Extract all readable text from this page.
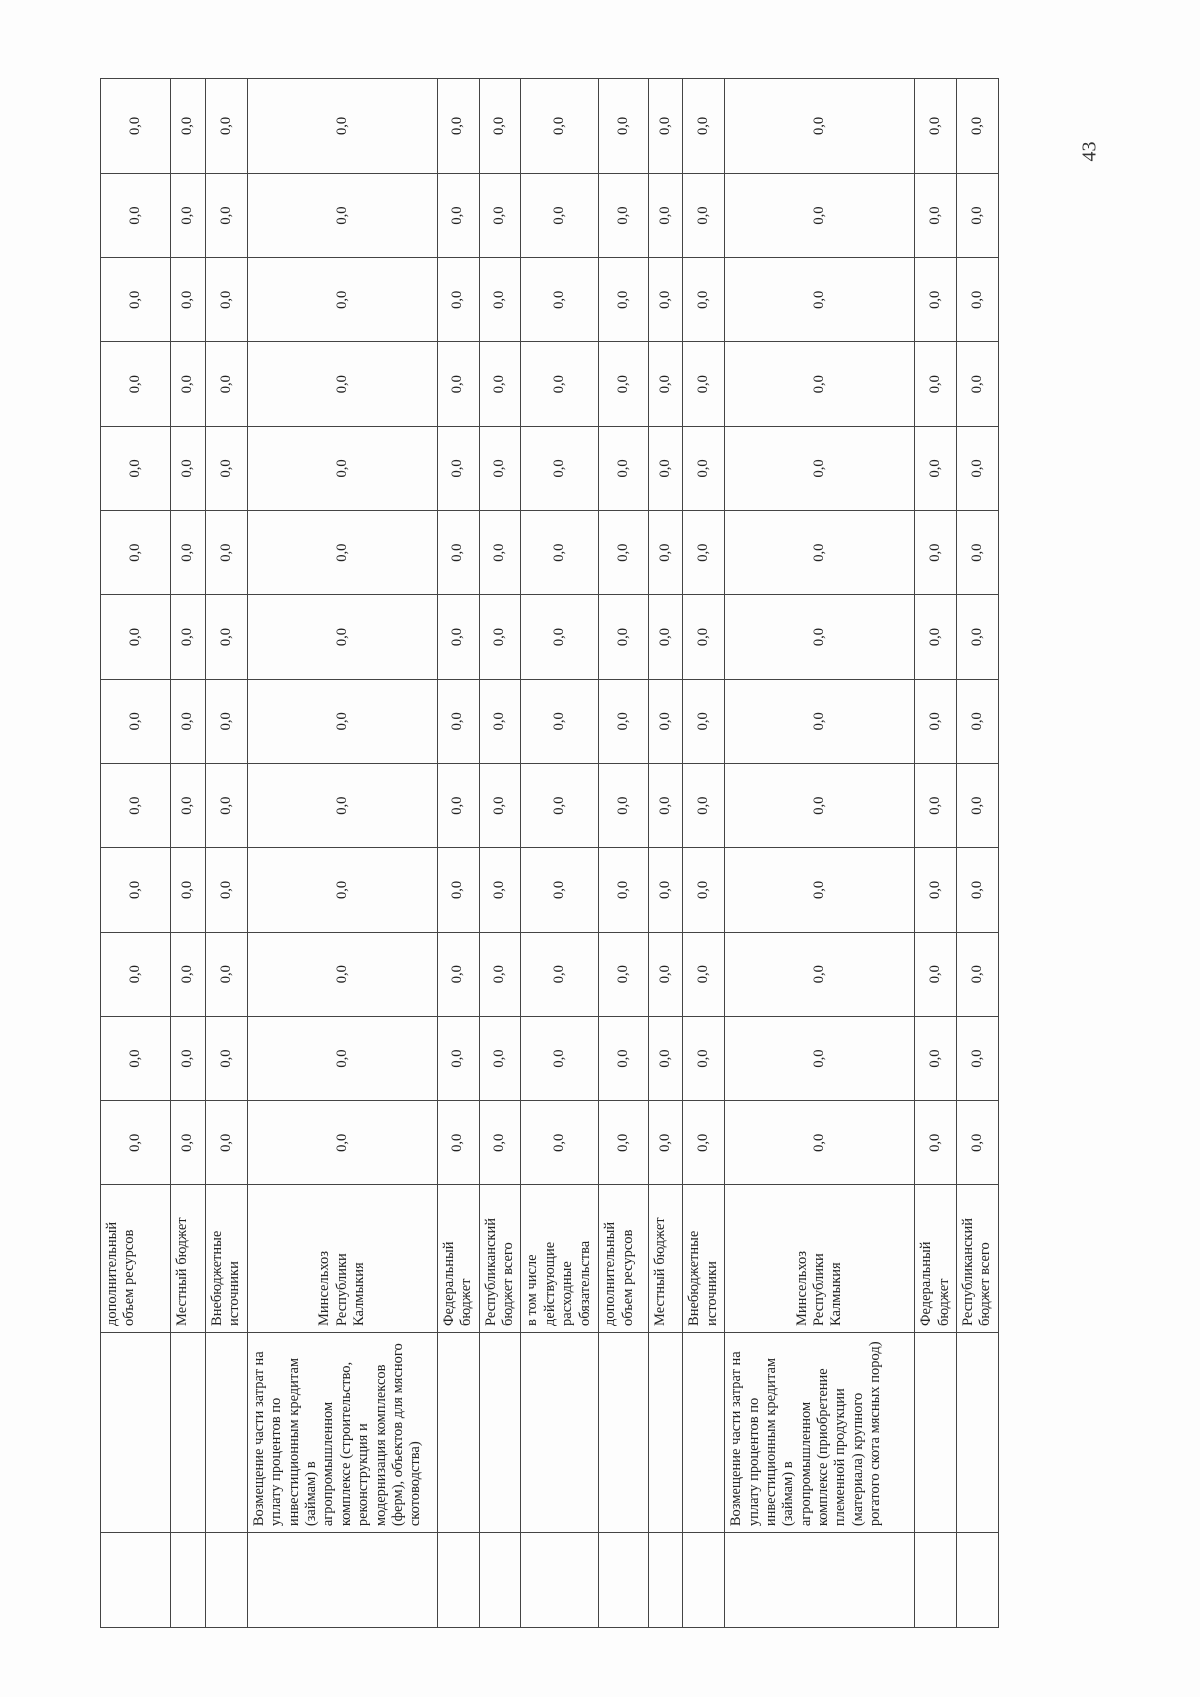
		дополнительный объем ресурсов	0,0	0,0	0,0	0,0	0,0	0,0	0,0	0,0	0,0	0,0	0,0	0,0	0,0
		Местный бюджет	0,0	0,0	0,0	0,0	0,0	0,0	0,0	0,0	0,0	0,0	0,0	0,0	0,0
		Внебюджетные источники	0,0	0,0	0,0	0,0	0,0	0,0	0,0	0,0	0,0	0,0	0,0	0,0	0,0
	Возмещение части затрат на уплату процентов по инвестиционным кредитам (займам) в агропромышленном комплексе (строительство, реконструкция и модернизация комплексов (ферм), объектов для мясного скотоводства)	Минсельхоз Республики Калмыкия	0,0	0,0	0,0	0,0	0,0	0,0	0,0	0,0	0,0	0,0	0,0	0,0	0,0
		Федеральный бюджет	0,0	0,0	0,0	0,0	0,0	0,0	0,0	0,0	0,0	0,0	0,0	0,0	0,0
		Республиканский бюджет всего	0,0	0,0	0,0	0,0	0,0	0,0	0,0	0,0	0,0	0,0	0,0	0,0	0,0
		в том числе действующие расходные обязательства	0,0	0,0	0,0	0,0	0,0	0,0	0,0	0,0	0,0	0,0	0,0	0,0	0,0
		дополнительный объем ресурсов	0,0	0,0	0,0	0,0	0,0	0,0	0,0	0,0	0,0	0,0	0,0	0,0	0,0
		Местный бюджет	0,0	0,0	0,0	0,0	0,0	0,0	0,0	0,0	0,0	0,0	0,0	0,0	0,0
		Внебюджетные источники	0,0	0,0	0,0	0,0	0,0	0,0	0,0	0,0	0,0	0,0	0,0	0,0	0,0
	Возмещение части затрат на уплату процентов по инвестиционным кредитам (займам) в агропромышленном комплексе (приобретение племенной продукции (материала) крупного рогатого скота мясных пород)	Минсельхоз Республики Калмыкия	0,0	0,0	0,0	0,0	0,0	0,0	0,0	0,0	0,0	0,0	0,0	0,0	0,0
		Федеральный бюджет	0,0	0,0	0,0	0,0	0,0	0,0	0,0	0,0	0,0	0,0	0,0	0,0	0,0
		Республиканский бюджет всего	0,0	0,0	0,0	0,0	0,0	0,0	0,0	0,0	0,0	0,0	0,0	0,0	0,0
43
